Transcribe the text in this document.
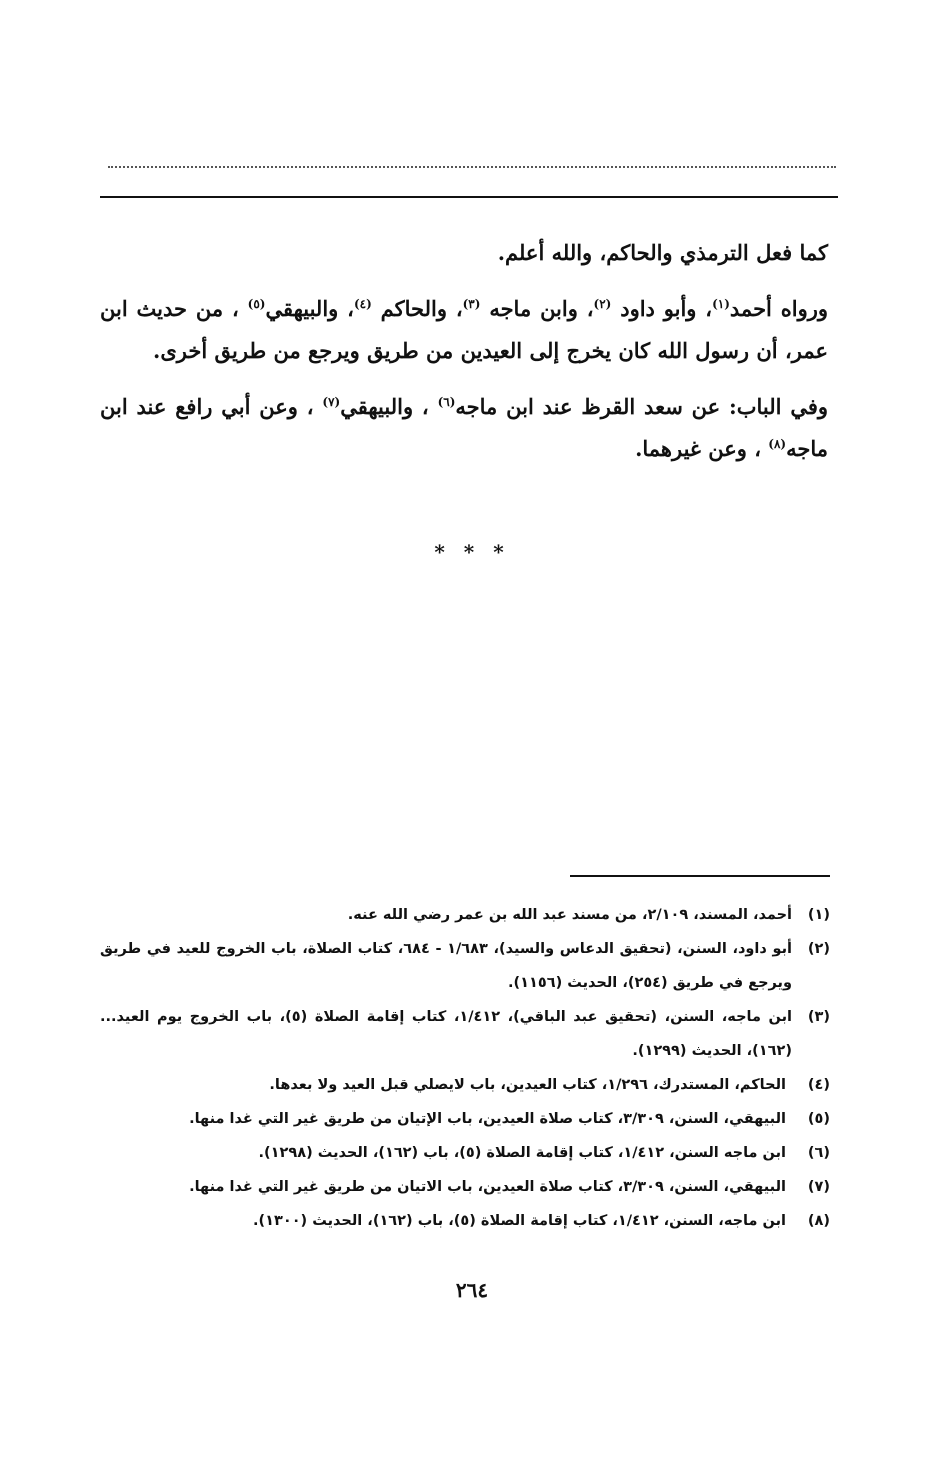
كما فعل الترمذي والحاكم، والله أعلم.

ورواه أحمد$^{(١)}$، وأبو داود $^{(٢)}$، وابن ماجه $^{(٣)}$، والحاكم $^{(٤)}$، والبيهقي$^{(٥)}$ ، من حديث ابن عمر، أن رسول الله كان يخرج إلى العيدين من طريق ويرجع من طريق أخرى.

وفي الباب: عن سعد القرظ عند ابن ماجه$^{(٦)}$ ، والبيهقي$^{(٧)}$ ، وعن أبي رافع عند ابن ماجه$^{(٨)}$ ، وعن غيرهما.

* * *
(١)
أحمد، المسند، ٢/١٠٩، من مسند عبد الله بن عمر رضي الله عنه.
(٢)
أبو داود، السنن، (تحقيق الدعاس والسيد)، ١/٦٨٣ - ٦٨٤، كتاب الصلاة، باب الخروج للعيد في طريق ويرجع في طريق (٢٥٤)، الحديث (١١٥٦).
(٣)
ابن ماجه، السنن، (تحقيق عبد الباقي)، ١/٤١٢، كتاب إقامة الصلاة (٥)، باب الخروج يوم العيد... (١٦٢)، الحديث (١٢٩٩).
(٤)
الحاكم، المستدرك، ١/٢٩٦، كتاب العيدين، باب لايصلي قبل العيد ولا بعدها.
(٥)
البيهقي، السنن، ٣/٣٠٩، كتاب صلاة العيدين، باب الإتيان من طريق غير التي غدا منها.
(٦)
ابن ماجه السنن، ١/٤١٢، كتاب إقامة الصلاة (٥)، باب (١٦٢)، الحديث (١٢٩٨).
(٧)
البيهقي، السنن، ٣/٣٠٩، كتاب صلاة العيدين، باب الاتيان من طريق غير التي غدا منها.
(٨)
ابن ماجه، السنن، ١/٤١٢، كتاب إقامة الصلاة (٥)، باب (١٦٢)، الحديث (١٣٠٠).
٢٦٤
